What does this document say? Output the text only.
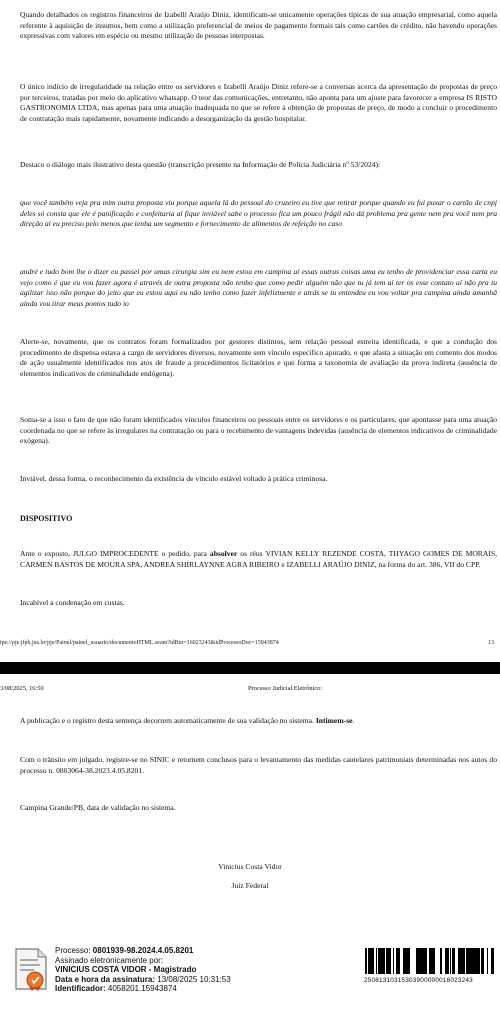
Quando detalhados os registros financeiros de Izabelli Araújo Diniz, identificam-se unicamente operações típicas de sua atuação empresarial, como aquela referente à aquisição de insumos, bem como a utilização preferencial de meios de pagamento formais tais como cartões de crédito, não havendo operações expressivas com valores em espécie ou mesmo utilização de pessoas interpostas.

O único indício de irregularidade na relação entre os servidores e Izabelli Araújo Diniz refere-se a conversas acerca da apresentação de propostas de preço por terceiros, tratadas por meio do aplicativo whatsapp. O teor das comunicações, entretanto, não aponta para um ajuste para favorecer a empresa IS RISTO GASTRONOMIA LTDA, mas apenas para uma atuação inadequada no que se refere à obtenção de propostas de preço, de modo a concluir o procedimento de contratação mais rapidamente, novamente indicando a desorganização da gestão hospitalar.

Destaco o diálogo mais ilustrativo desta questão (transcrição presente na Informação de Polícia Judiciária nº 53/2024):

que você também veja pra mim outra proposta viu porque aquela lá do pessoal do cruzeiro eu tive que retirar porque quando eu fui puxar o cartão de cnpj deles só consta que ele é panificação e confeitaria aí fique inviável sabe o processo fica um pouco frágil não dá problema pra gente nem pra você nem pra direção aí eu preciso pelo menos que tenha um segmento e fornecimento de alimentos de refeição no caso

andré e tudo bom lhe o dizer eu passei por umas cirurgia sim eu nem estou em campina aí essas outras coisas ama eu tenho de providenciar essa carta eu vejo como é que eu vou fazer agora é através de outra proposta não tenho que como pedir alguém não que tu já tem aí ter os esse contato aí não pra tu agilizar isso não porque do jeito que eu estou aqui eu não tenho como fazer infelizmente e atrás se tu entendeu eu vou voltar pra campina ainda amanhã ainda vou tirar meus pontos tudo io

Alerte-se, novamente, que os contratos foram formalizados por gestores distintos, sem relação pessoal estreita identificada, e que a condução dos procedimento de dispensa estava a cargo de servidores diversos, novamente sem vínculo específico apurado, o que afasta a situação em comento dos modos de ação usualmente identificados nos atos de fraude a procedimentos licitatórios e que forma a taxonomia de avaliação da prova indireta (ausência de elementos indicativos de criminalidade endógena).

Soma-se a isso o fato de que não foram identificados vínculos financeiros ou pessoais entre os servidores e os particulares, que apontasse para uma atuação coordenada no que se refere às irregulares na contratação ou para o recebimento de vantagens indevidas (ausência de elementos indicativos de criminalidade exógena).

Inviável, dessa forma, o reconhecimento da existência de vínculo estável voltado à prática criminosa.

DISPOSITIVO

Ante o exposto, JULGO IMPROCEDENTE o pedido, para absolver os réus VIVIAN KELLY REZENDE COSTA, THYAGO GOMES DE MORAIS, CARMEN BASTOS DE MOURA SPA, ANDREA SHIRLAYNNE AGRA RIBEIRO e IZABELLI ARAÚJO DINIZ, na forma do art. 386, VII do CPP.

Incabível a condenação em custas.

tps://pje.jfpb.jus.br/pje/Painel/painel_usuario/documentoHTML.seam?idBin=16023243&idProcessoDoc=15943874	13
3/08/2025, 16:50	Processo Judicial Eletrônico:

A publicação e o registro desta sentença decorrem automaticamente de sua validação no sistema. Intimem-se.

Com o trânsito em julgado, registre-se no SINIC e retornem conclusos para o levantamento das medidas cautelares patrimoniais determinadas nos autos do processo n. 0803064-38.2023.4.05.8201.

Campina Grande/PB, data de validação no sistema.

Vinicius Costa Vidor
Juiz Federal
Processo: 0801939-98.2024.4.05.8201
Assinado eletronicamente por:
VINICIUS COSTA VIDOR - Magistrado
Data e hora da assinatura: 13/08/2025 10:31:53
Identificador: 4058201.15943874
25081310315303900000016023243
